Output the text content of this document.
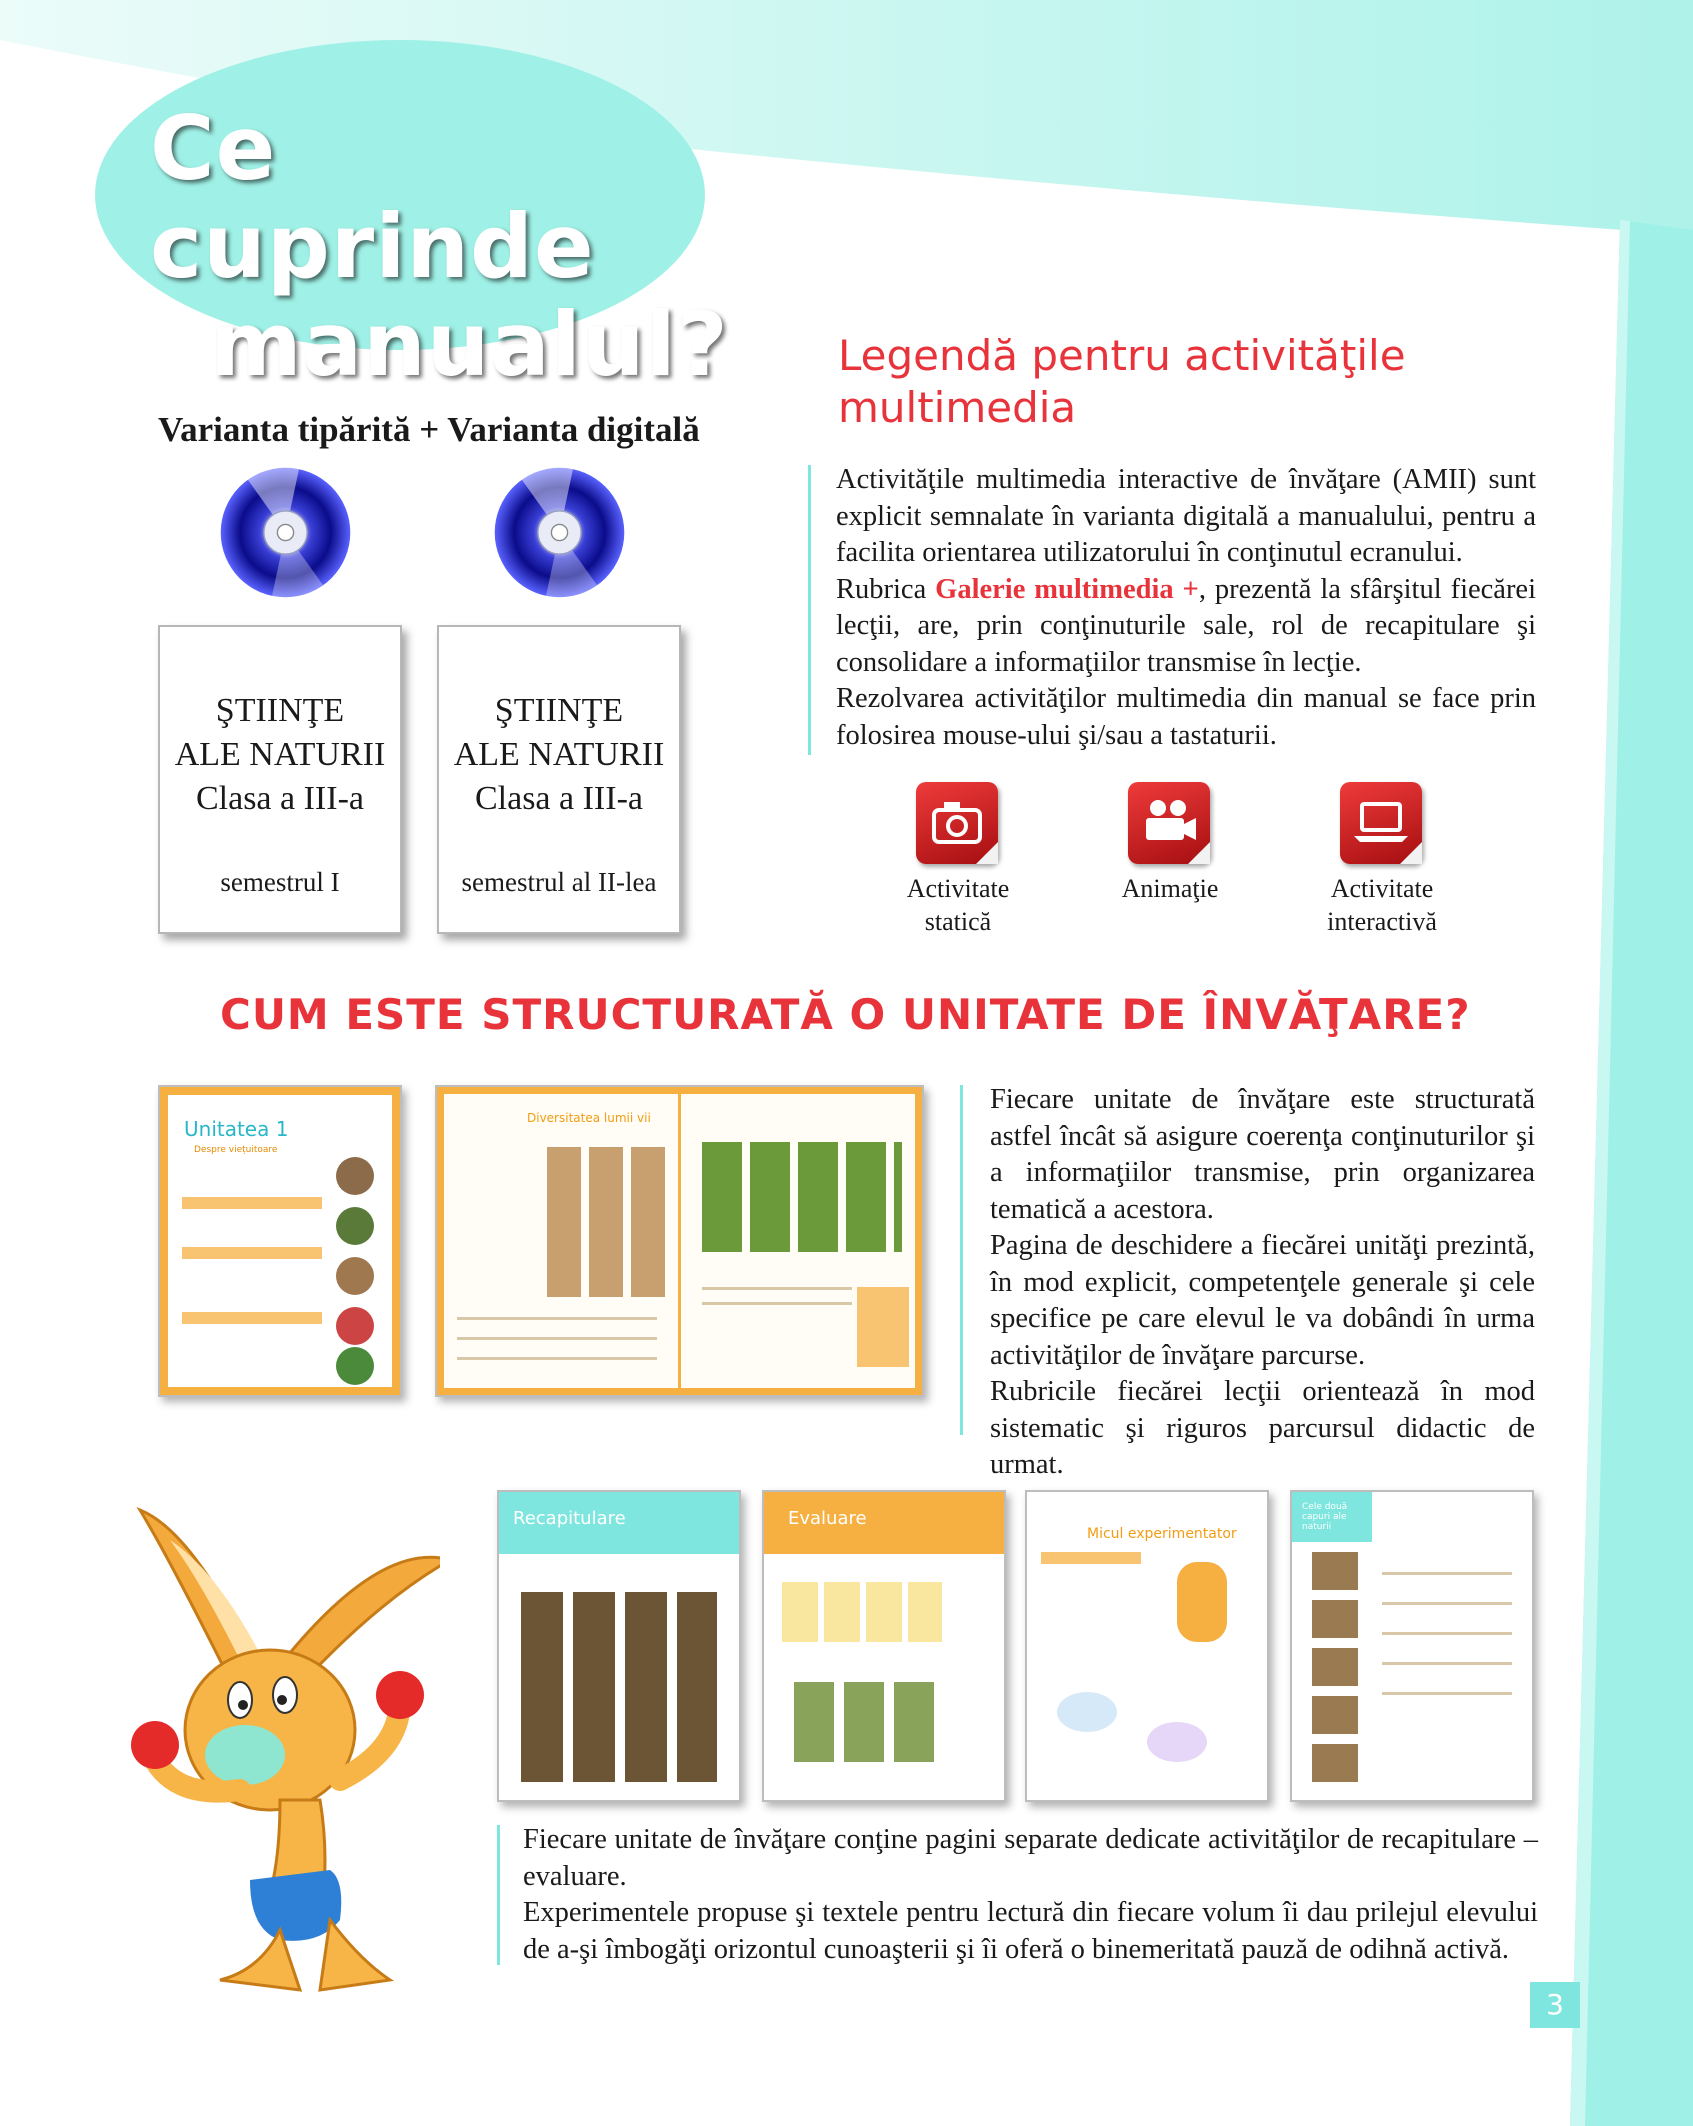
Ce cuprinde
manualul?
Varianta tipărită + Varianta digitală
ŞTIINŢE
ALE NATURII
Clasa a III-a
semestrul I
ŞTIINŢE
ALE NATURII
Clasa a III-a
semestrul al II-lea
Legendă pentru activităţile
multimedia
Activităţile multimedia interactive de învăţare (AMII) sunt explicit semnalate în varianta digitală a manualului, pentru a facilita orientarea utilizatorului în conţinutul ecranului.
Rubrica Galerie multimedia +, prezentă la sfârşitul fiecărei lecţii, are, prin conţinuturile sale, rol de recapitulare şi consolidare a informaţiilor transmise în lecţie.
Rezolvarea activităţilor multimedia din manual se face prin folosirea mouse-ului şi/sau a tastaturii.
Activitate
statică
Animaţie	Activitate
interactivă
CUM ESTE STRUCTURATĂ O UNITATE DE ÎNVĂŢARE?
Unitatea 1
Despre viețuitoare
Diversitatea lumii vii
Fiecare unitate de învăţare este structurată astfel încât să asigure coerenţa conţinuturilor şi a informaţiilor transmise, prin organizarea tematică a acestora.
Pagina de deschidere a fiecărei unităţi prezintă, în mod explicit, competenţele generale şi cele specifice pe care elevul le va dobândi în urma activităţilor de învăţare parcurse.
Rubricile fiecărei lecţii orientează în mod sistematic şi riguros parcursul didactic de urmat.
Recapitulare	Evaluare
Micul experimentator
Cele două capuri ale naturii
Fiecare unitate de învăţare conţine pagini separate dedicate activităţilor de recapitulare – evaluare.
Experimentele propuse şi textele pentru lectură din fiecare volum îi dau prilejul elevului de a-şi îmbogăţi orizontul cunoaşterii şi îi oferă o binemeritată pauză de odihnă activă.
3
